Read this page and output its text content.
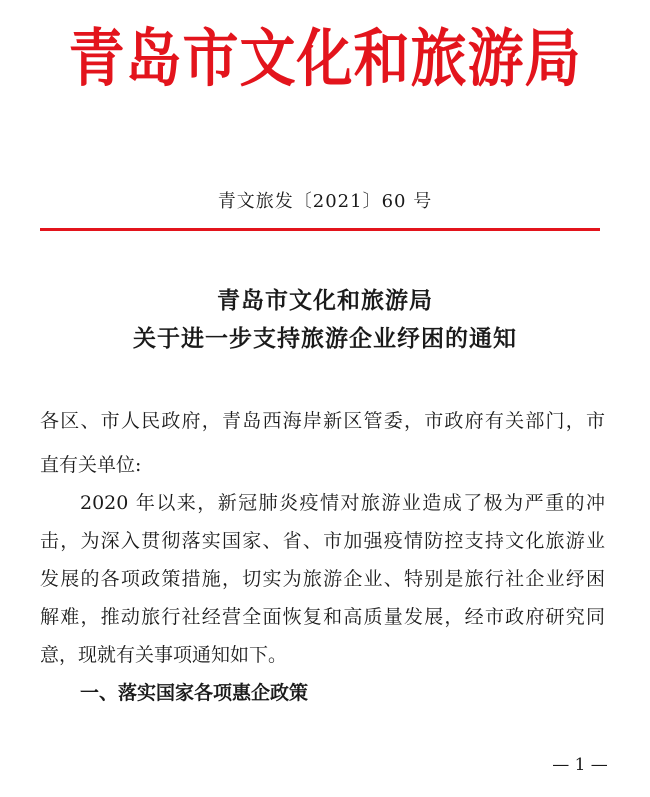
青岛市文化和旅游局
青文旅发〔2021〕60 号
青岛市文化和旅游局
关于进一步支持旅游企业纾困的通知
各区、市人民政府，青岛西海岸新区管委，市政府有关部门，市
直有关单位:
2020 年以来，新冠肺炎疫情对旅游业造成了极为严重的冲
击，为深入贯彻落实国家、省、市加强疫情防控支持文化旅游业
发展的各项政策措施，切实为旅游企业、特别是旅行社企业纾困
解难，推动旅行社经营全面恢复和高质量发展，经市政府研究同
意，现就有关事项通知如下。
一、落实国家各项惠企政策
— 1 —
